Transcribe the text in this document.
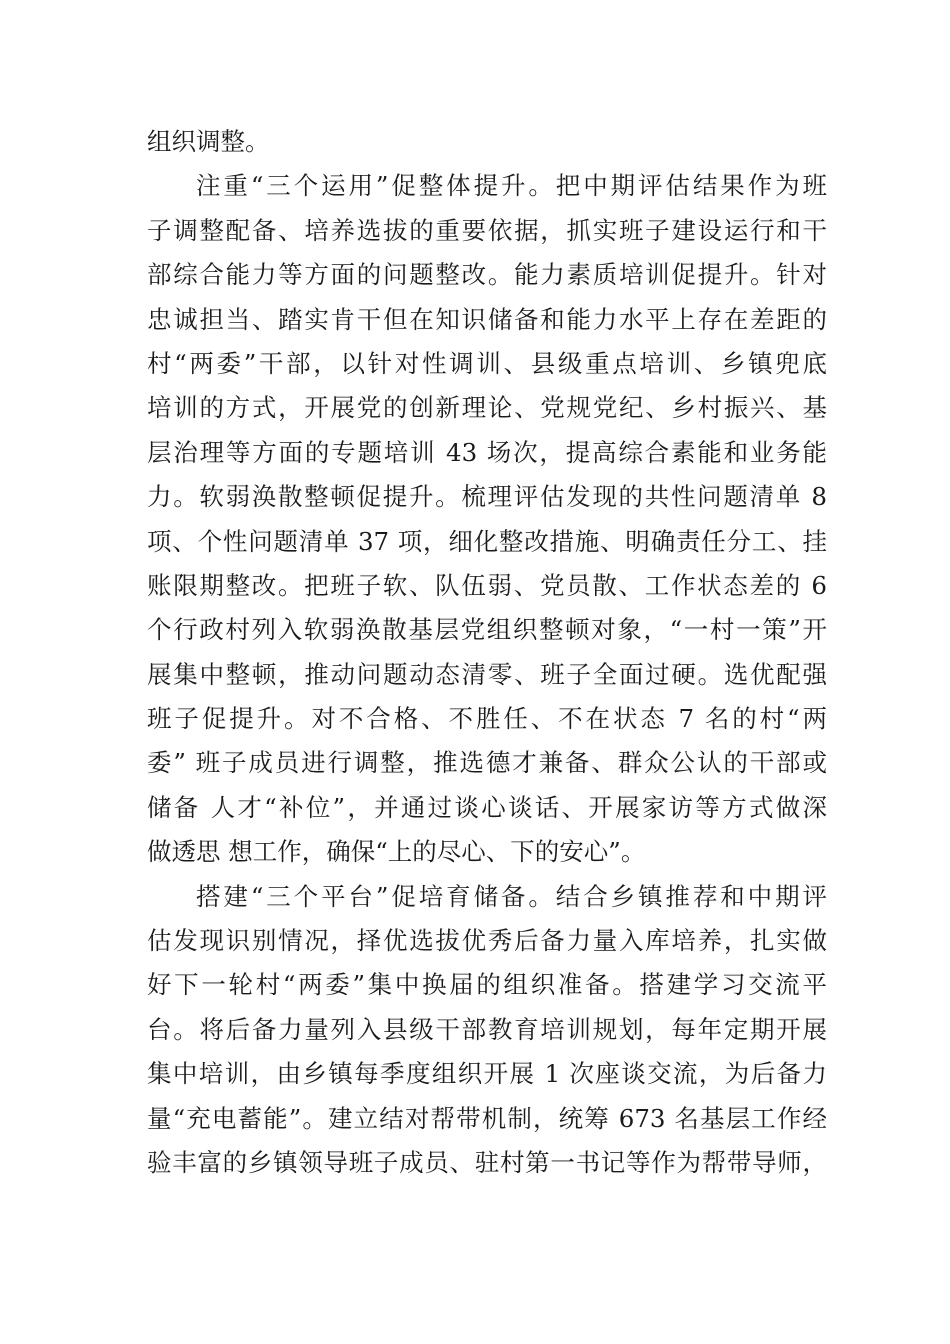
组织调整。
注重“三个运用”促整体提升。把中期评估结果作为班
子调整配备、培养选拔的重要依据，抓实班子建设运行和干
部综合能力等方面的问题整改。能力素质培训促提升。针对
忠诚担当、踏实肯干但在知识储备和能力水平上存在差距的
村“两委”干部，以针对性调训、县级重点培训、乡镇兜底
培训的方式，开展党的创新理论、党规党纪、乡村振兴、基
层治理等方面的专题培训 43 场次，提高综合素能和业务能
力。软弱涣散整顿促提升。梳理评估发现的共性问题清单 8
项、个性问题清单 37 项，细化整改措施、明确责任分工、挂
账限期整改。把班子软、队伍弱、党员散、工作状态差的 6
个行政村列入软弱涣散基层党组织整顿对象，“一村一策”开
展集中整顿，推动问题动态清零、班子全面过硬。选优配强
班子促提升。对不合格、不胜任、不在状态 7 名的村“两
委” 班子成员进行调整，推选德才兼备、群众公认的干部或
储备 人才“补位”，并通过谈心谈话、开展家访等方式做深
做透思 想工作，确保“上的尽心、下的安心”。
搭建“三个平台”促培育储备。结合乡镇推荐和中期评
估发现识别情况，择优选拔优秀后备力量入库培养，扎实做
好下一轮村“两委”集中换届的组织准备。搭建学习交流平
台。将后备力量列入县级干部教育培训规划，每年定期开展
集中培训，由乡镇每季度组织开展 1 次座谈交流，为后备力
量“充电蓄能”。建立结对帮带机制，统筹 673 名基层工作经
验丰富的乡镇领导班子成员、驻村第一书记等作为帮带导师，
